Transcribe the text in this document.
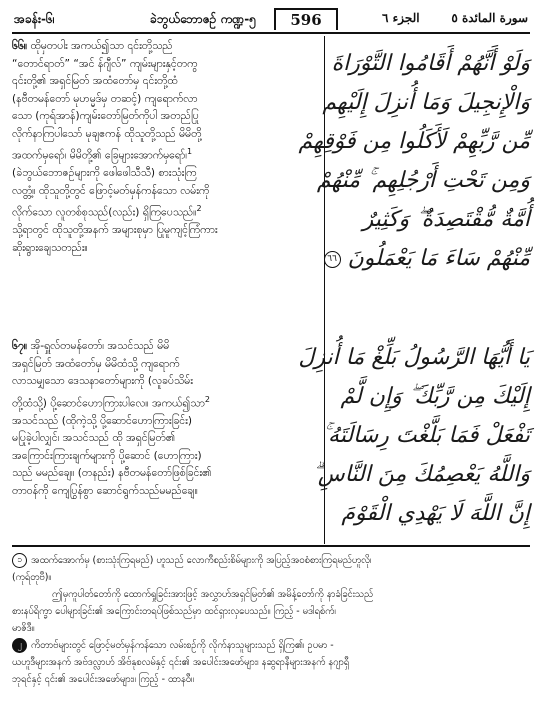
အခန်း-၆၊	ခဲဘွယ်ဘောဇဉ် ကဏ္ဍ-၅	596	الجزء ٦	سورة المائدة ٥
၆၆။ ထိုမှတပါး အကယ်၍သာ ၎င်းတို့သည်
“တောင်ရာတ်” “အင် န်ဂျီလ်” ကျမ်းများနှင့်တကွ
၎င်းတို့၏ အရှင်မြတ် အထံတော်မှ ၎င်းတို့ထံ
(နဗီတမန်တော် မုဟမ္မဒ်မှ တဆင့်) ကျရောက်လာ
သော (ကုရ်အာန်)ကျမ်းတော်မြတ်ကိုပါ အတည်ပြု
လိုက်နာကြပါသော် မုချဧကန် ထိုသူတို့သည် မိမိတို့
အထက်မှရော်၊ မိမိတို့၏ ခြေများအောက်မှရော်၊$^1$
(ခဲဘွယ်ဘောဇဉ်များကို ဖေါဖေါသီသီ) စားသုံးကြ
လတ္တံ့။ ထိုသူတို့တွင် ဖြောင့်မတ်မှန်ကန်သော လမ်းကို
လိုက်သော လူတစ်စုသည်(လည်း) ရှိကြပေသည်။$^2$
သို့ရာတွင် ထိုသူတို့အနက် အများစုမှာ ပြုမူကျင့်ကြံကား
ဆိုးရွားချေသတည်း။
၆၇။ အို-ရှူလ်တမန်တော်၊ အသင်သည် မိမိ
အရှင်မြတ် အထံတော်မှ မိမိထံသို့ ကျရောက်
လာသမျှသော ဒေသနာတော်များကို (လူခပ်သိမ်း
တို့ထံသို့) ပို့ဆောင်ဟောကြားပါလေ။ အကယ်၍သာ$^2$
အသင်သည် (ထိုကဲ့သို့ ပို့ဆောင်ဟောကြားခြင်း)
မပြုခဲ့ပါလျှင်၊ အသင်သည် ထို အရှင်မြတ်၏
အကြောင်းကြားချက်များကို ပို့ဆောင် (ဟောကြား)
သည် မမည်ချေ။ (တနည်း) နဗီတမန်တော်ဖြစ်ခြင်း၏
တာဝန်ကို ကျေပြွန်စွာ ဆောင်ရွက်သည်မမည်ချေ။
وَلَوْ أَنَّهُمْ أَقَامُوا التَّوْرَاةَ
وَالْإِنجِيلَ وَمَا أُنزِلَ إِلَيْهِم
مِّن رَّبِّهِمْ لَأَكَلُوا مِن فَوْقِهِمْ
وَمِن تَحْتِ أَرْجُلِهِم ۚ مِّنْهُمْ
أُمَّةٌ مُّقْتَصِدَةٌ ۖ وَكَثِيرٌ
مِّنْهُمْ سَاءَ مَا يَعْمَلُونَ ٦٦
يَا أَيُّهَا الرَّسُولُ بَلِّغْ مَا أُنزِلَ
إِلَيْكَ مِن رَّبِّكَ ۖ وَإِن لَّمْ
تَفْعَلْ فَمَا بَلَّغْتَ رِسَالَتَهُ ۚ
وَاللَّهُ يَعْصِمُكَ مِنَ النَّاسِ ۗ
إِنَّ اللَّهَ لَا يَهْدِي الْقَوْمَ
၁ အထက်အောက်မှ (စားသုံးကြရမည်) ဟူသည် လောကီစည်းစိမ်များကို အပြည့်အဝစံစားကြရမည်ဟူလို၊
(ကုရ်တုဗီ)။
ဤမှကူပါတ်တော်ကို ထောက်ရှုခြင်းအားဖြင့် အလွှာဟ်အရှင်မြတ်၏ အမိန့်တော်ကို နာခံခြင်းသည်
စားနပ်ရိက္ခာ ပေါများခြင်း၏ အကြောင်းတရပ်ဖြစ်သည်မှာ ထင်ရှားလှပေသည်။ ကြည့် - မဒါရစ်က်၊
မာဇိဒီ။
၂ ကိတာဗ်များတွင် ဖြောင့်မတ်မှန်ကန်သော လမ်းစဉ်ကို လိုက်နာသူများသည် ရှိကြ၏၊ ဥပမာ -
ယဟူဒီများအနက် အဗ်ဒလ္လာဟ် အိဗ်နုစလမ်နှင့် ၎င်း၏ အပေါင်းအဖော်များ၊ နဆွရာနီများအနက် နဂျာရှီ
ဘုရင်နှင့် ၎င်း၏ အပေါင်းအဖော်များ။ ကြည့် - ထာနဝီ။
